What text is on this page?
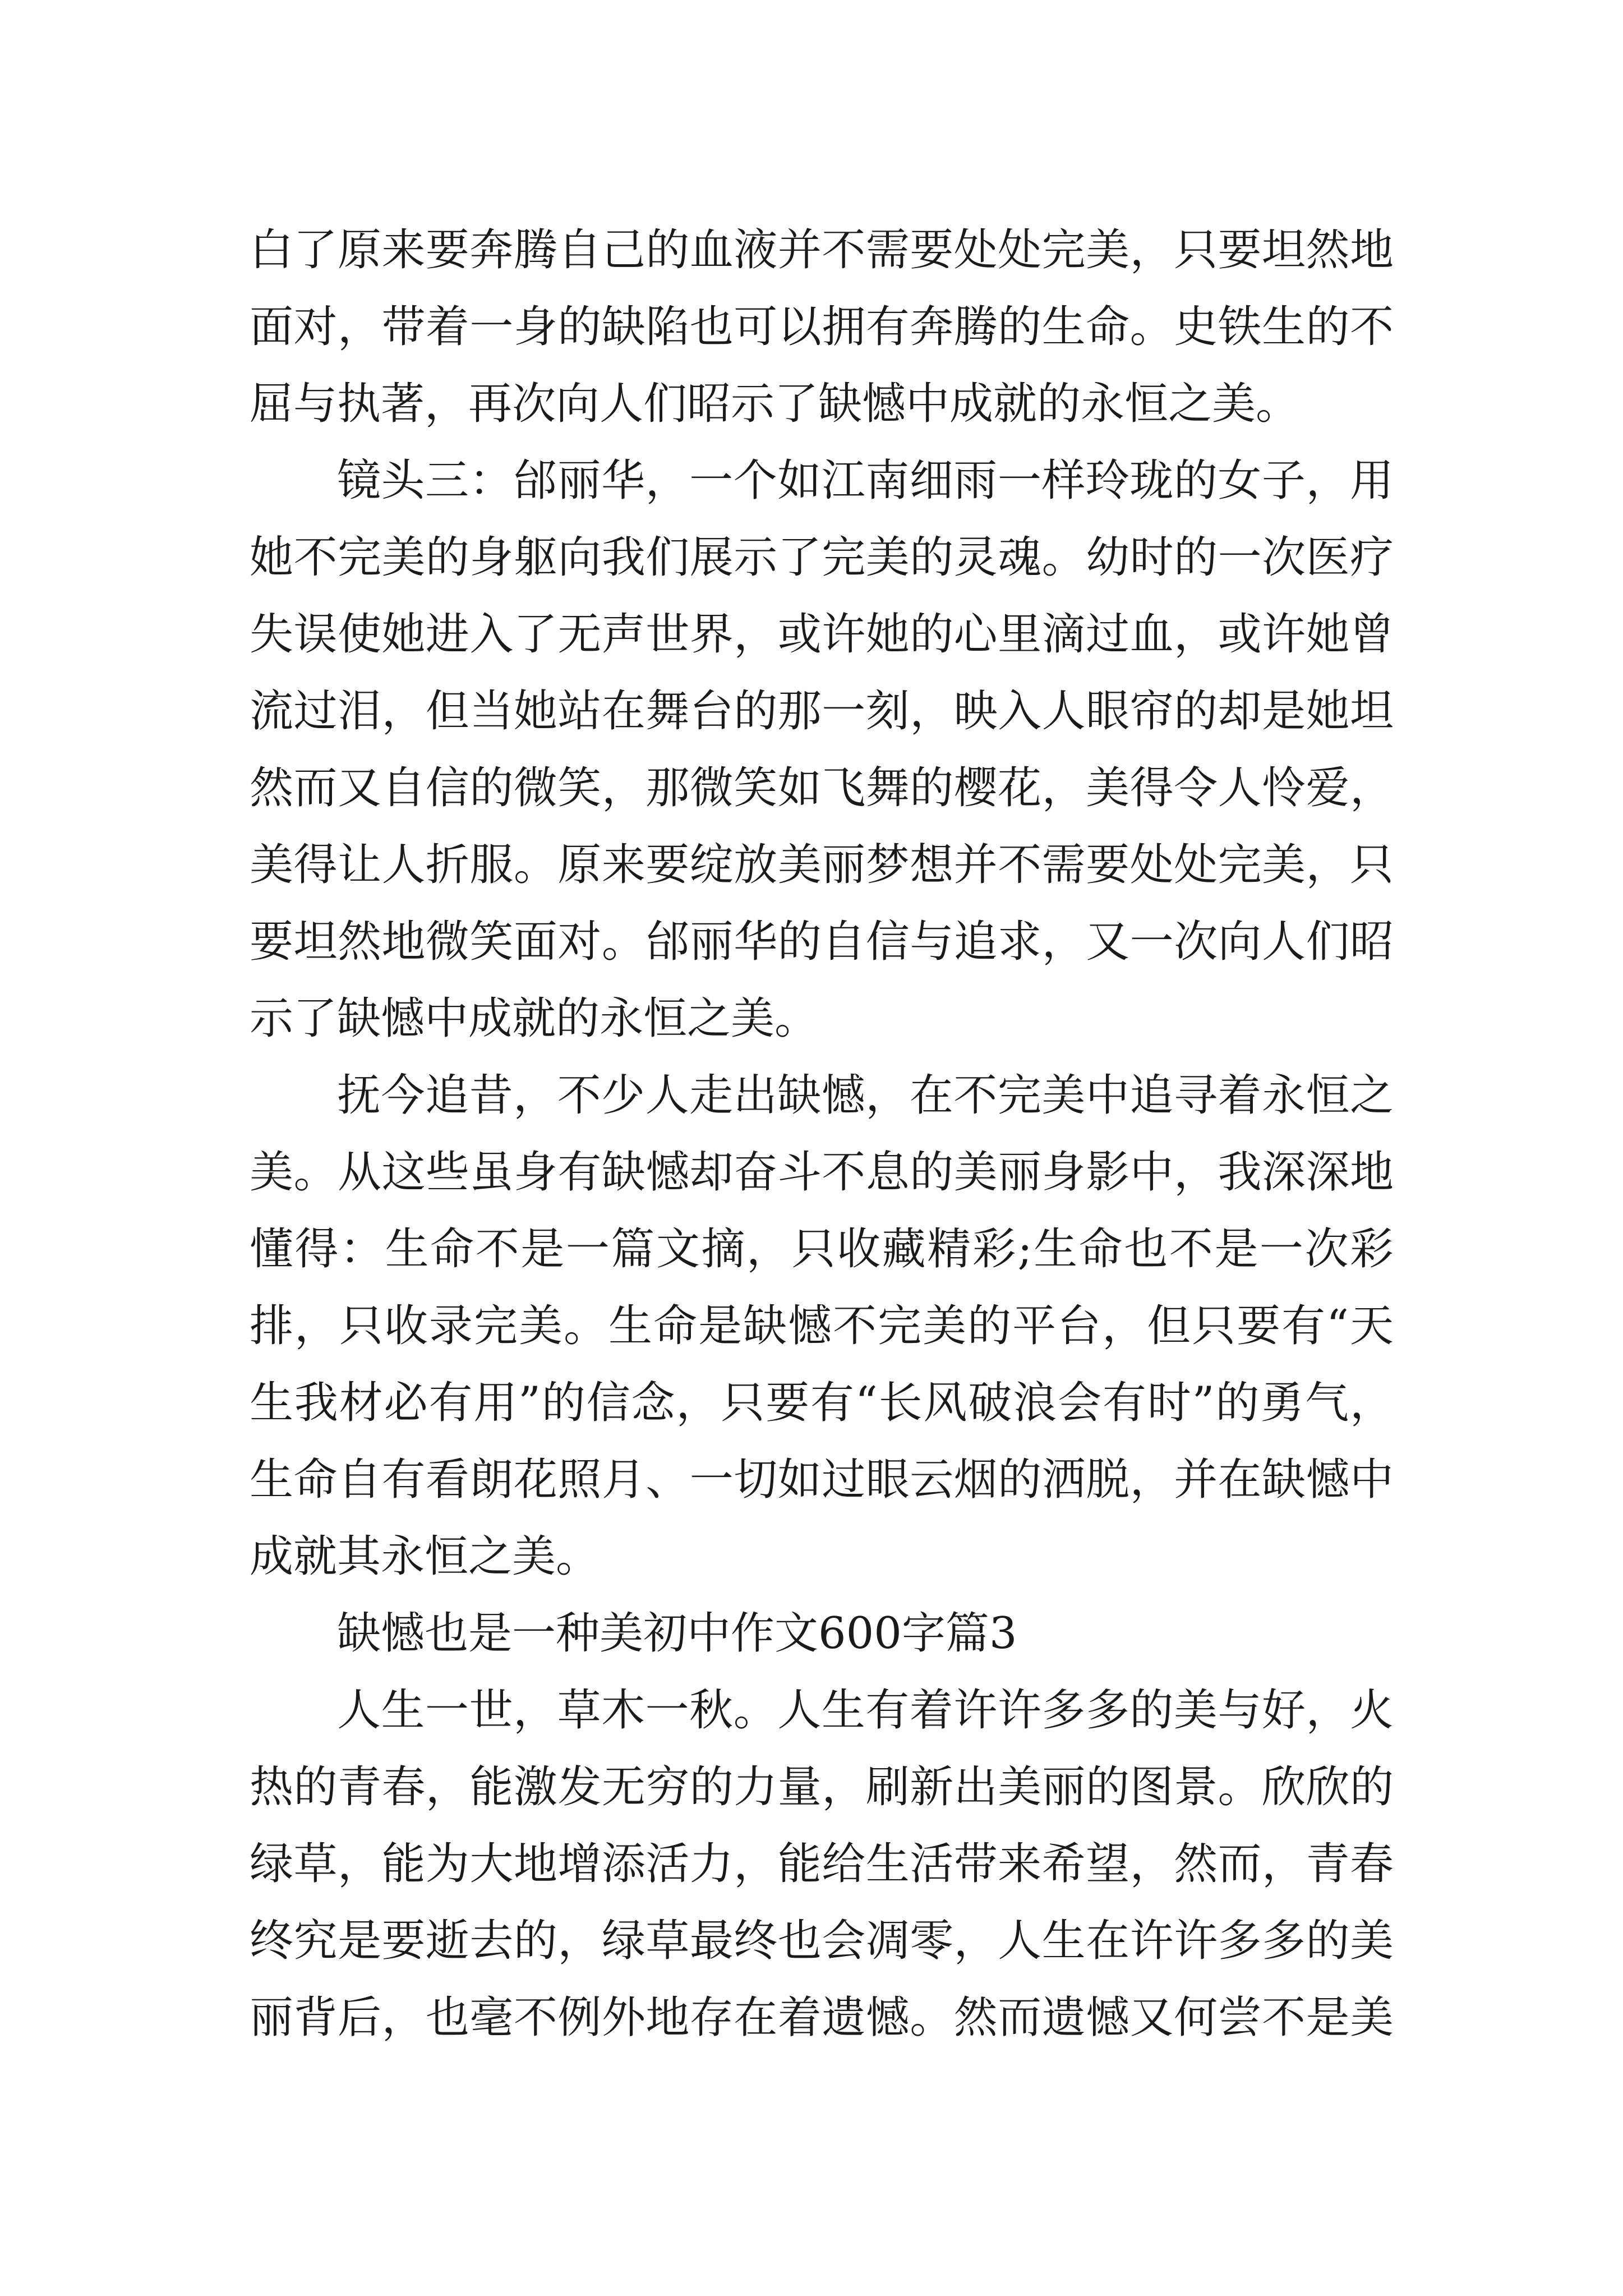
白了原来要奔腾自己的血液并不需要处处完美，只要坦然地
面对，带着一身的缺陷也可以拥有奔腾的生命。史铁生的不
屈与执著，再次向人们昭示了缺憾中成就的永恒之美。
镜头三：邰丽华，一个如江南细雨一样玲珑的女子，用
她不完美的身躯向我们展示了完美的灵魂。幼时的一次医疗
失误使她进入了无声世界，或许她的心里滴过血，或许她曾
流过泪，但当她站在舞台的那一刻，映入人眼帘的却是她坦
然而又自信的微笑，那微笑如飞舞的樱花，美得令人怜爱，
美得让人折服。原来要绽放美丽梦想并不需要处处完美，只
要坦然地微笑面对。邰丽华的自信与追求，又一次向人们昭
示了缺憾中成就的永恒之美。
抚今追昔，不少人走出缺憾，在不完美中追寻着永恒之
美。从这些虽身有缺憾却奋斗不息的美丽身影中，我深深地
懂得：生命不是一篇文摘，只收藏精彩;生命也不是一次彩
排，只收录完美。生命是缺憾不完美的平台，但只要有“天
生我材必有用”的信念，只要有“长风破浪会有时”的勇气，
生命自有看朗花照月、一切如过眼云烟的洒脱，并在缺憾中
成就其永恒之美。
缺憾也是一种美初中作文600字篇3
人生一世，草木一秋。人生有着许许多多的美与好，火
热的青春，能激发无穷的力量，刷新出美丽的图景。欣欣的
绿草，能为大地增添活力，能给生活带来希望，然而，青春
终究是要逝去的，绿草最终也会凋零，人生在许许多多的美
丽背后，也毫不例外地存在着遗憾。然而遗憾又何尝不是美
